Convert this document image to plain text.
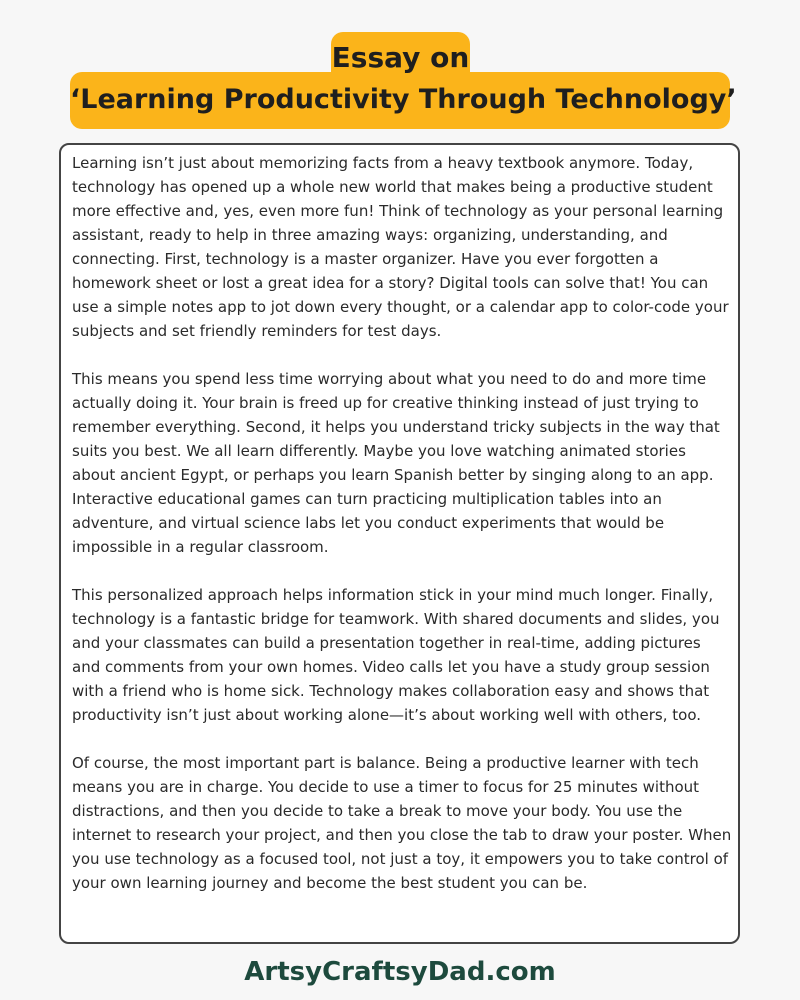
Essay on
‘Learning Productivity Through Technology’

Learning isn’t just about memorizing facts from a heavy textbook anymore. Today, technology has opened up a whole new world that makes being a productive student more effective and, yes, even more fun! Think of technology as your personal learning assistant, ready to help in three amazing ways: organizing, understanding, and connecting. First, technology is a master organizer. Have you ever forgotten a homework sheet or lost a great idea for a story? Digital tools can solve that! You can use a simple notes app to jot down every thought, or a calendar app to color-code your subjects and set friendly reminders for test days.

This means you spend less time worrying about what you need to do and more time actually doing it. Your brain is freed up for creative thinking instead of just trying to remember everything. Second, it helps you understand tricky subjects in the way that suits you best. We all learn differently. Maybe you love watching animated stories about ancient Egypt, or perhaps you learn Spanish better by singing along to an app. Interactive educational games can turn practicing multiplication tables into an adventure, and virtual science labs let you conduct experiments that would be impossible in a regular classroom.

This personalized approach helps information stick in your mind much longer. Finally, technology is a fantastic bridge for teamwork. With shared documents and slides, you and your classmates can build a presentation together in real-time, adding pictures and comments from your own homes. Video calls let you have a study group session with a friend who is home sick. Technology makes collaboration easy and shows that productivity isn’t just about working alone—it’s about working well with others, too.

Of course, the most important part is balance. Being a productive learner with tech means you are in charge. You decide to use a timer to focus for 25 minutes without distractions, and then you decide to take a break to move your body. You use the internet to research your project, and then you close the tab to draw your poster. When you use technology as a focused tool, not just a toy, it empowers you to take control of your own learning journey and become the best student you can be.

ArtsyCraftsyDad.com
